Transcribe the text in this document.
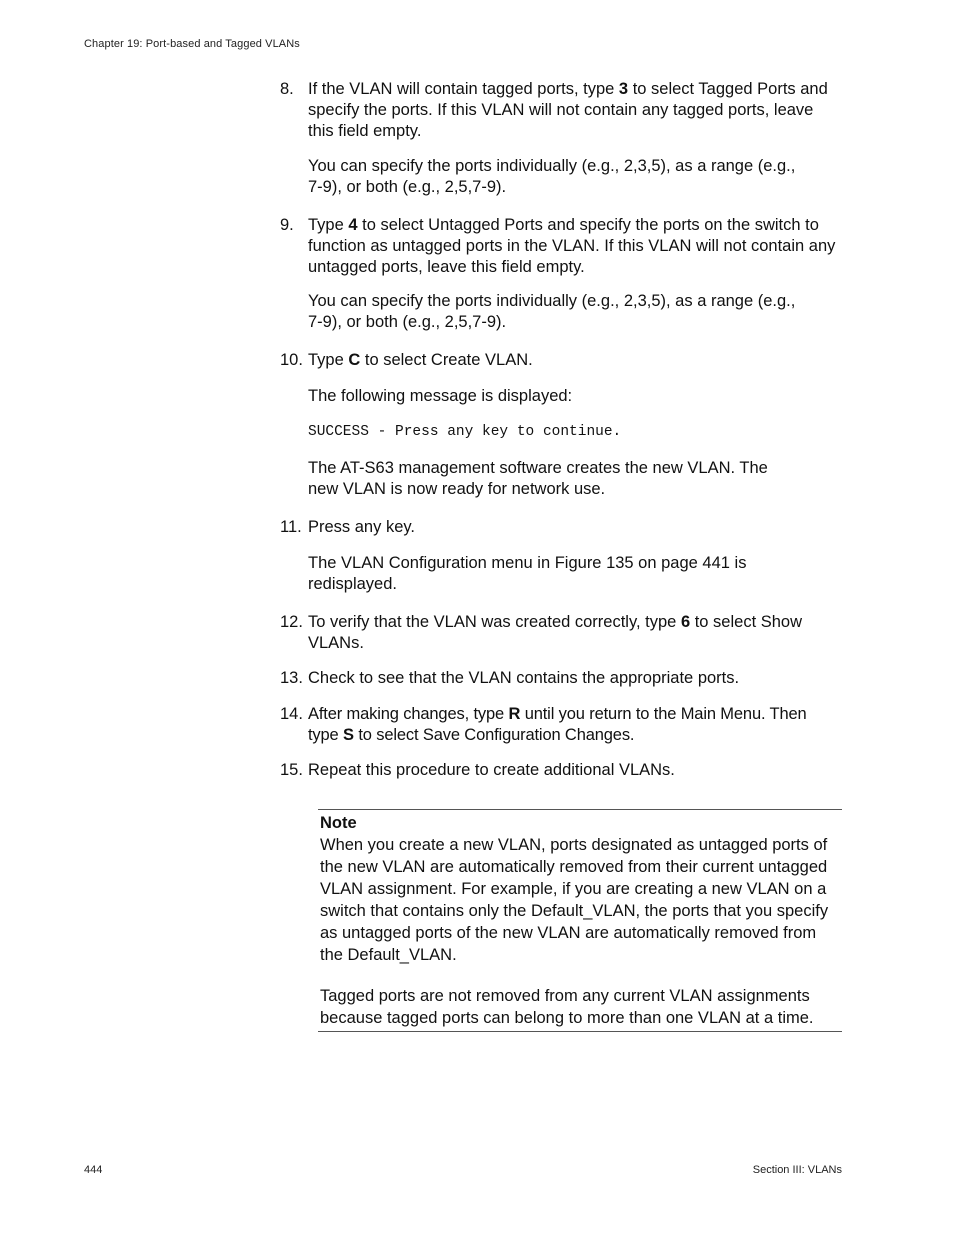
Chapter 19: Port-based and Tagged VLANs
8. If the VLAN will contain tagged ports, type 3 to select Tagged Ports and specify the ports. If this VLAN will not contain any tagged ports, leave this field empty.
You can specify the ports individually (e.g., 2,3,5), as a range (e.g., 7-9), or both (e.g., 2,5,7-9).
9. Type 4 to select Untagged Ports and specify the ports on the switch to function as untagged ports in the VLAN. If this VLAN will not contain any untagged ports, leave this field empty.
You can specify the ports individually (e.g., 2,3,5), as a range (e.g., 7-9), or both (e.g., 2,5,7-9).
10. Type C to select Create VLAN.
The following message is displayed:
SUCCESS - Press any key to continue.
The AT-S63 management software creates the new VLAN. The new VLAN is now ready for network use.
11. Press any key.
The VLAN Configuration menu in Figure 135 on page 441 is redisplayed.
12. To verify that the VLAN was created correctly, type 6 to select Show VLANs.
13. Check to see that the VLAN contains the appropriate ports.
14. After making changes, type R until you return to the Main Menu. Then type S to select Save Configuration Changes.
15. Repeat this procedure to create additional VLANs.
Note
When you create a new VLAN, ports designated as untagged ports of the new VLAN are automatically removed from their current untagged VLAN assignment. For example, if you are creating a new VLAN on a switch that contains only the Default_VLAN, the ports that you specify as untagged ports of the new VLAN are automatically removed from the Default_VLAN.
Tagged ports are not removed from any current VLAN assignments because tagged ports can belong to more than one VLAN at a time.
444	Section III: VLANs
